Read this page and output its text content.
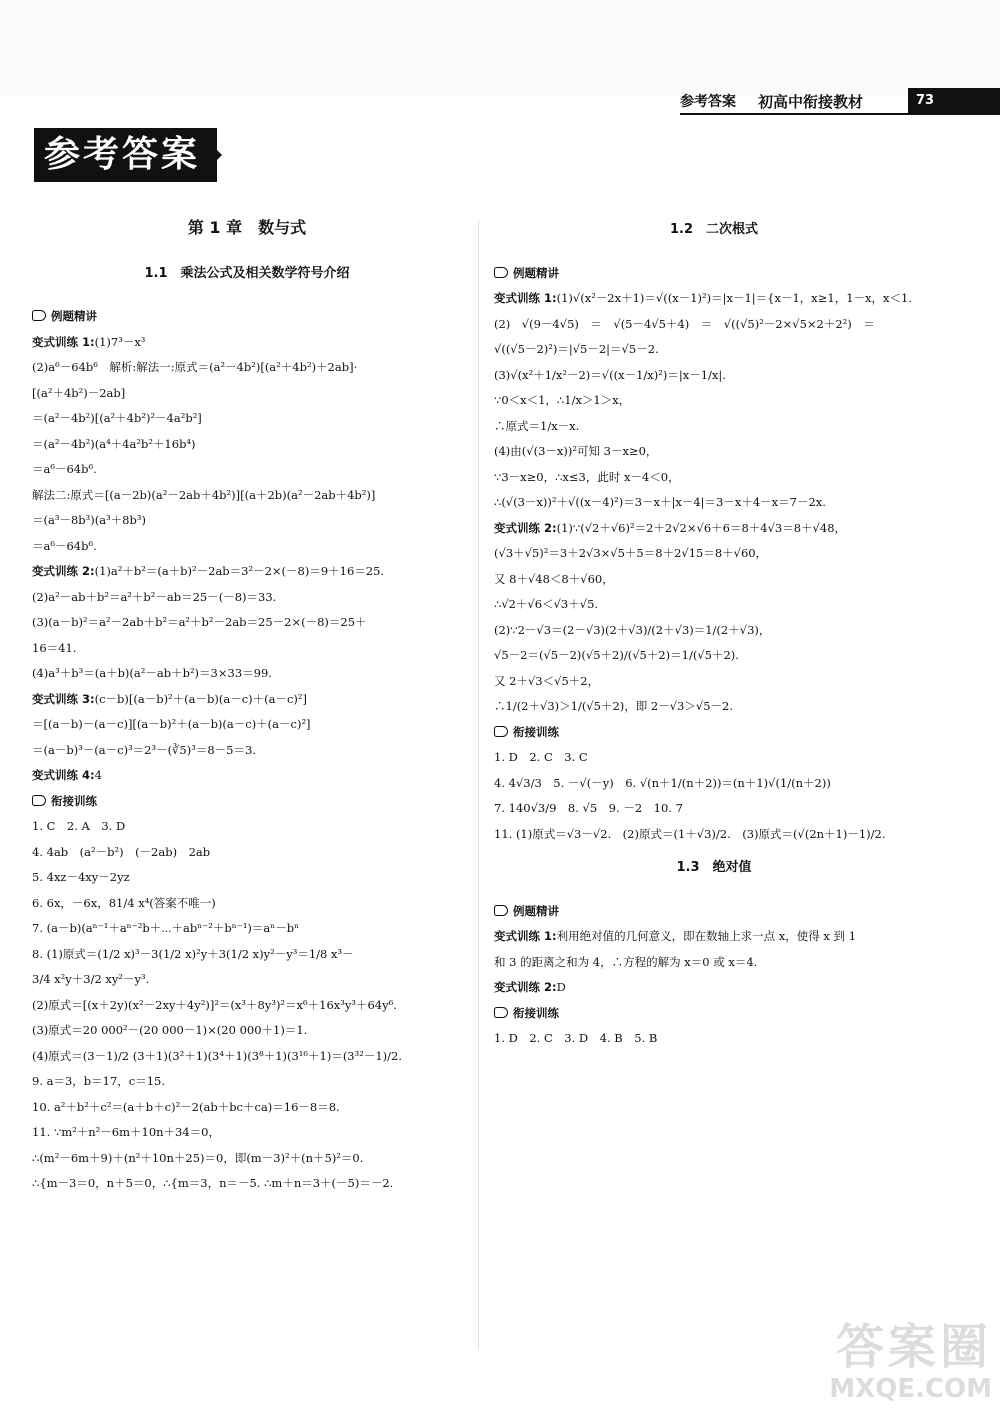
参考答案 初高中衔接教材	73
参考答案
第 1 章　数与式
1.1　乘法公式及相关数学符号介绍
例题精讲
变式训练 1:(1)7³－x³
(2)a⁶－64b⁶　解析:解法一:原式＝(a²－4b²)[(a²＋4b²)＋2ab]·
[(a²＋4b²)－2ab]
＝(a²－4b²)[(a²＋4b²)²－4a²b²]
＝(a²－4b²)(a⁴＋4a²b²＋16b⁴)
＝a⁶－64b⁶.
解法二:原式＝[(a－2b)(a²－2ab＋4b²)][(a＋2b)(a²－2ab＋4b²)]
＝(a³－8b³)(a³＋8b³)
＝a⁶－64b⁶.
变式训练 2:(1)a²＋b²＝(a＋b)²－2ab＝3²－2×(－8)＝9＋16＝25.
(2)a²－ab＋b²＝a²＋b²－ab＝25－(－8)＝33.
(3)(a－b)²＝a²－2ab＋b²＝a²＋b²－2ab＝25－2×(－8)＝25＋
16＝41.
(4)a³＋b³＝(a＋b)(a²－ab＋b²)＝3×33＝99.
变式训练 3:(c－b)[(a－b)²＋(a－b)(a－c)＋(a－c)²]
＝[(a－b)－(a－c)][(a－b)²＋(a－b)(a－c)＋(a－c)²]
＝(a－b)³－(a－c)³＝2³－(∛5)³＝8－5＝3.
变式训练 4:4
衔接训练
1. C　2. A　3. D
4. 4ab　(a²－b²)　(－2ab)　2ab
5. 4xz－4xy－2yz
6. 6x，－6x，81/4 x⁴(答案不唯一)
7. (a－b)(aⁿ⁻¹＋aⁿ⁻²b＋⋯＋abⁿ⁻²＋bⁿ⁻¹)＝aⁿ－bⁿ
8. (1)原式＝(1/2 x)³－3(1/2 x)²y＋3(1/2 x)y²－y³＝1/8 x³－
3/4 x²y＋3/2 xy²－y³.
(2)原式＝[(x＋2y)(x²－2xy＋4y²)]²＝(x³＋8y³)²＝x⁶＋16x³y³＋64y⁶.
(3)原式＝20 000²－(20 000－1)×(20 000＋1)＝1.
(4)原式＝(3－1)/2 (3＋1)(3²＋1)(3⁴＋1)(3⁸＋1)(3¹⁶＋1)＝(3³²－1)/2.
9. a＝3，b＝17，c＝15.
10. a²＋b²＋c²＝(a＋b＋c)²－2(ab＋bc＋ca)＝16－8＝8.
11. ∵m²＋n²－6m＋10n＋34＝0，
∴(m²－6m＋9)＋(n²＋10n＋25)＝0，即(m－3)²＋(n＋5)²＝0.
∴{m－3＝0，n＋5＝0，∴{m＝3，n＝－5. ∴m＋n＝3＋(－5)＝－2.
1.2　二次根式
例题精讲
变式训练 1:(1)√(x²－2x＋1)＝√((x－1)²)＝|x－1|＝{x－1，x≥1，1－x，x＜1.
(2)　√(9－4√5)　＝　√(5－4√5＋4)　＝　√((√5)²－2×√5×2＋2²)　＝
√((√5－2)²)＝|√5－2|＝√5－2.
(3)√(x²＋1/x²－2)＝√((x－1/x)²)＝|x－1/x|.
∵0＜x＜1，∴1/x＞1＞x，
∴原式＝1/x－x.
(4)由(√(3－x))²可知 3－x≥0，
∵3－x≥0，∴x≤3，此时 x－4＜0，
∴(√(3－x))²＋√((x－4)²)＝3－x＋|x－4|＝3－x＋4－x＝7－2x.
变式训练 2:(1)∵(√2＋√6)²＝2＋2√2×√6＋6＝8＋4√3＝8＋√48，
(√3＋√5)²＝3＋2√3×√5＋5＝8＋2√15＝8＋√60，
又 8＋√48＜8＋√60，
∴√2＋√6＜√3＋√5.
(2)∵2－√3＝(2－√3)(2＋√3)/(2＋√3)＝1/(2＋√3)，
√5－2＝(√5－2)(√5＋2)/(√5＋2)＝1/(√5＋2).
又 2＋√3＜√5＋2，
∴1/(2＋√3)＞1/(√5＋2)，即 2－√3＞√5－2.
衔接训练
1. D　2. C　3. C
4. 4√3/3　5. －√(－y)　6. √(n＋1/(n＋2))＝(n＋1)√(1/(n＋2))
7. 140√3/9　8. √5　9. －2　10. 7
11. (1)原式＝√3－√2.　(2)原式＝(1＋√3)/2.　(3)原式＝(√(2n＋1)－1)/2.
1.3　绝对值
例题精讲
变式训练 1:利用绝对值的几何意义，即在数轴上求一点 x，使得 x 到 1
和 3 的距离之和为 4，∴方程的解为 x＝0 或 x＝4.
变式训练 2:D
衔接训练
1. D　2. C　3. D　4. B　5. B
答案圈
MXQE.COM
